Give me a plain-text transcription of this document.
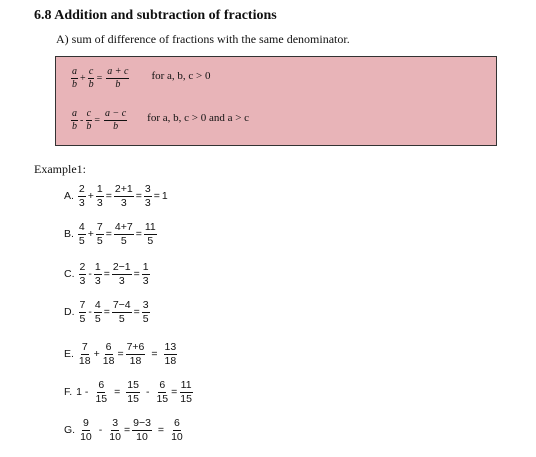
6.8 Addition and subtraction of fractions
A) sum of difference of fractions with the same denominator.
$\frac{a}{b} + \frac{c}{b} = \frac{a + c}{b}$ for a, b, c > 0
$\frac{a}{b} - \frac{c}{b} = \frac{a - c}{b}$ for a, b, c > 0 and a > c
Example1:
A. $\frac{2}{3} + \frac{1}{3} = \frac{2+1}{3} = \frac{3}{3} = 1$
B. $\frac{4}{5} + \frac{7}{5} = \frac{4+7}{5} = \frac{11}{5}$
C. $\frac{2}{3} - \frac{1}{3} = \frac{2-1}{3} = \frac{1}{3}$
D. $\frac{7}{5} - \frac{4}{5} = \frac{7-4}{5} = \frac{3}{5}$
E. $\frac{7}{18} + \frac{6}{18} = \frac{7+6}{18} = \frac{13}{18}$
F. $1 - \frac{6}{15} = \frac{15}{15} - \frac{6}{15} = \frac{11}{15}$
G. $\frac{9}{10} - \frac{3}{10} = \frac{9-3}{10} = \frac{6}{10}$
